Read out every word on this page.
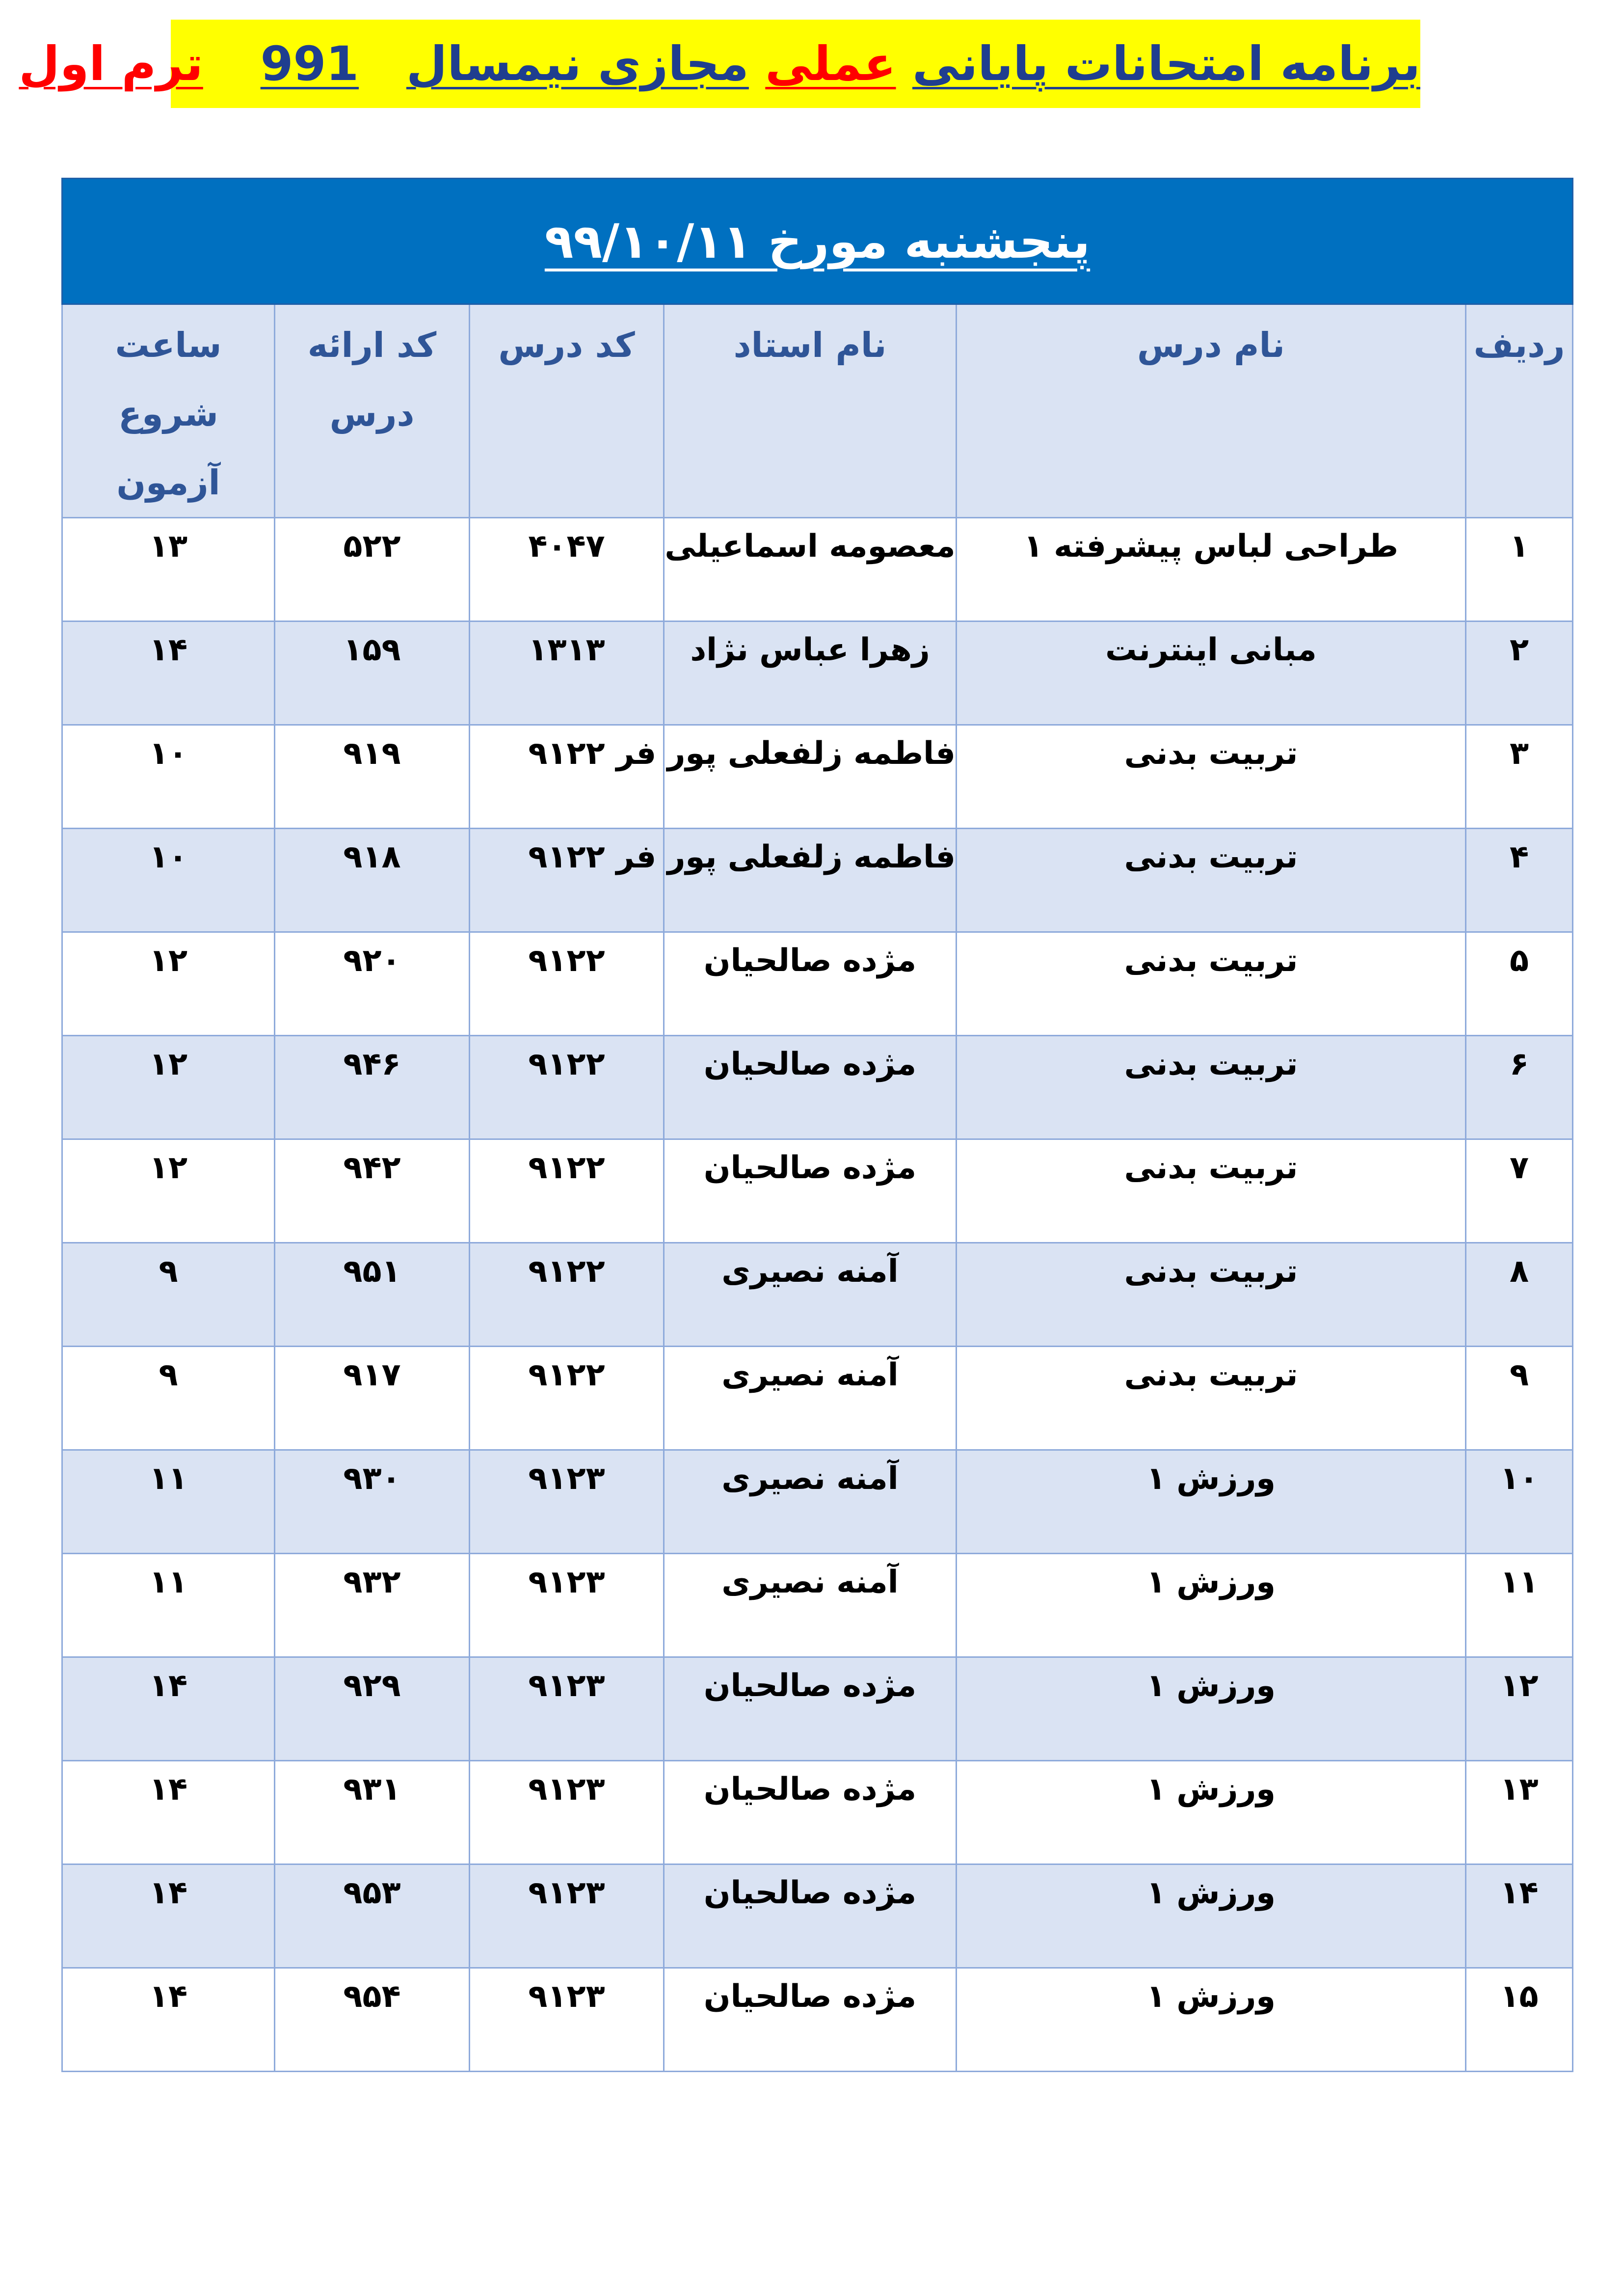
برنامه امتحانات پایانی عملی مجازی نیمسال  991  ترم اول
پنجشنبه مورخ ۹۹/۱۰/۱۱					
ردیف	نام درس	نام استاد	کد درس	کد ارائه درس	ساعت شروع آزمون
۱	طراحی لباس پیشرفته ۱	معصومه اسماعیلی	۴۰۴۷	۵۲۲	۱۳
۲	مبانی اینترنت	زهرا عباس نژاد	۱۳۱۳	۱۵۹	۱۴
۳	تربیت بدنی	فاطمه زلفعلی پور فر	۹۱۲۲	۹۱۹	۱۰
۴	تربیت بدنی	فاطمه زلفعلی پور فر	۹۱۲۲	۹۱۸	۱۰
۵	تربیت بدنی	مژده صالحیان	۹۱۲۲	۹۲۰	۱۲
۶	تربیت بدنی	مژده صالحیان	۹۱۲۲	۹۴۶	۱۲
۷	تربیت بدنی	مژده صالحیان	۹۱۲۲	۹۴۲	۱۲
۸	تربیت بدنی	آمنه نصیری	۹۱۲۲	۹۵۱	۹
۹	تربیت بدنی	آمنه نصیری	۹۱۲۲	۹۱۷	۹
۱۰	ورزش ۱	آمنه نصیری	۹۱۲۳	۹۳۰	۱۱
۱۱	ورزش ۱	آمنه نصیری	۹۱۲۳	۹۳۲	۱۱
۱۲	ورزش ۱	مژده صالحیان	۹۱۲۳	۹۲۹	۱۴
۱۳	ورزش ۱	مژده صالحیان	۹۱۲۳	۹۳۱	۱۴
۱۴	ورزش ۱	مژده صالحیان	۹۱۲۳	۹۵۳	۱۴
۱۵	ورزش ۱	مژده صالحیان	۹۱۲۳	۹۵۴	۱۴
